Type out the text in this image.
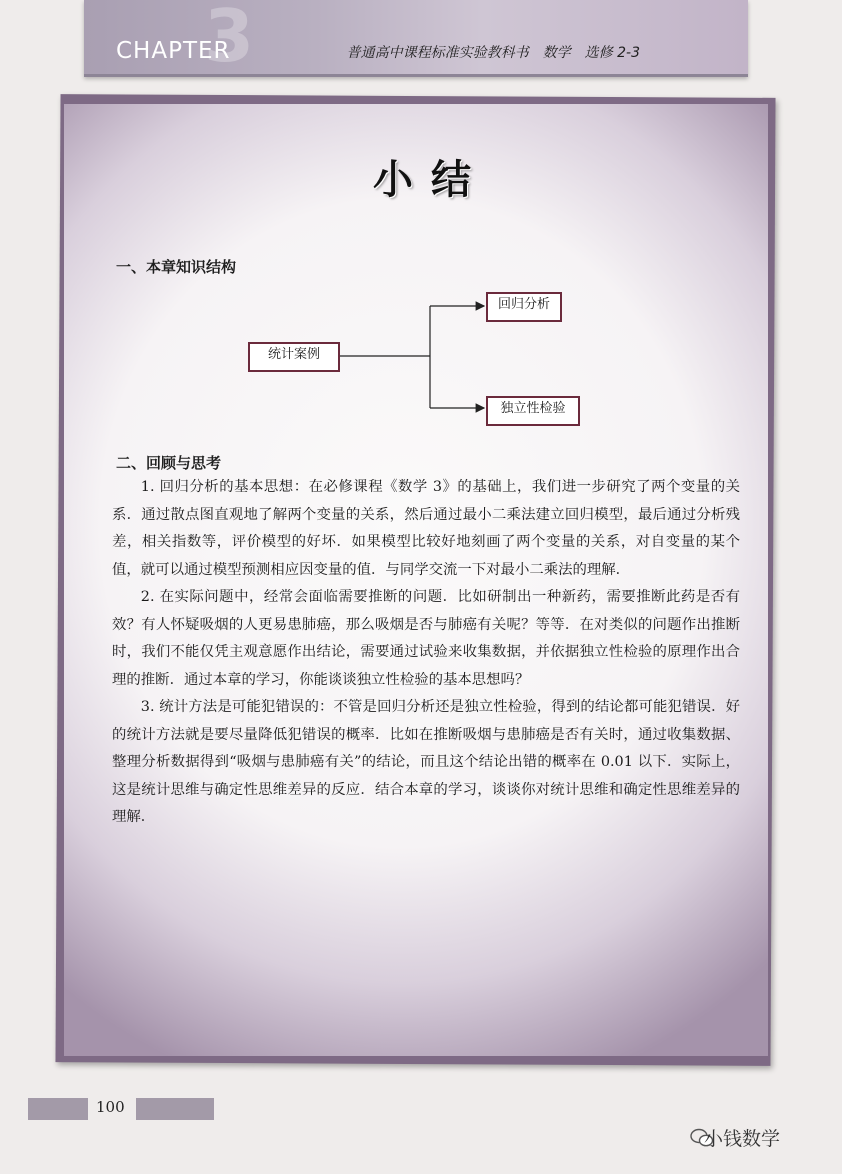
3
CHAPTER	普通高中课程标准实验教科书　数学　选修 2-3
小结
一、本章知识结构
统计案例
回归分析
独立性检验
二、回顾与思考

1. 回归分析的基本思想：在必修课程《数学 3》的基础上，我们进一步研究了两个变量的关系．通过散点图直观地了解两个变量的关系，然后通过最小二乘法建立回归模型，最后通过分析残差，相关指数等，评价模型的好坏．如果模型比较好地刻画了两个变量的关系，对自变量的某个值，就可以通过模型预测相应因变量的值．与同学交流一下对最小二乘法的理解．

2. 在实际问题中，经常会面临需要推断的问题．比如研制出一种新药，需要推断此药是否有效？有人怀疑吸烟的人更易患肺癌，那么吸烟是否与肺癌有关呢？等等．在对类似的问题作出推断时，我们不能仅凭主观意愿作出结论，需要通过试验来收集数据，并依据独立性检验的原理作出合理的推断．通过本章的学习，你能谈谈独立性检验的基本思想吗？

3. 统计方法是可能犯错误的：不管是回归分析还是独立性检验，得到的结论都可能犯错误．好的统计方法就是要尽量降低犯错误的概率．比如在推断吸烟与患肺癌是否有关时，通过收集数据、整理分析数据得到“吸烟与患肺癌有关”的结论，而且这个结论出错的概率在 0.01 以下．实际上，这是统计思维与确定性思维差异的反应．结合本章的学习，谈谈你对统计思维和确定性思维差异的理解．

100
小钱数学
